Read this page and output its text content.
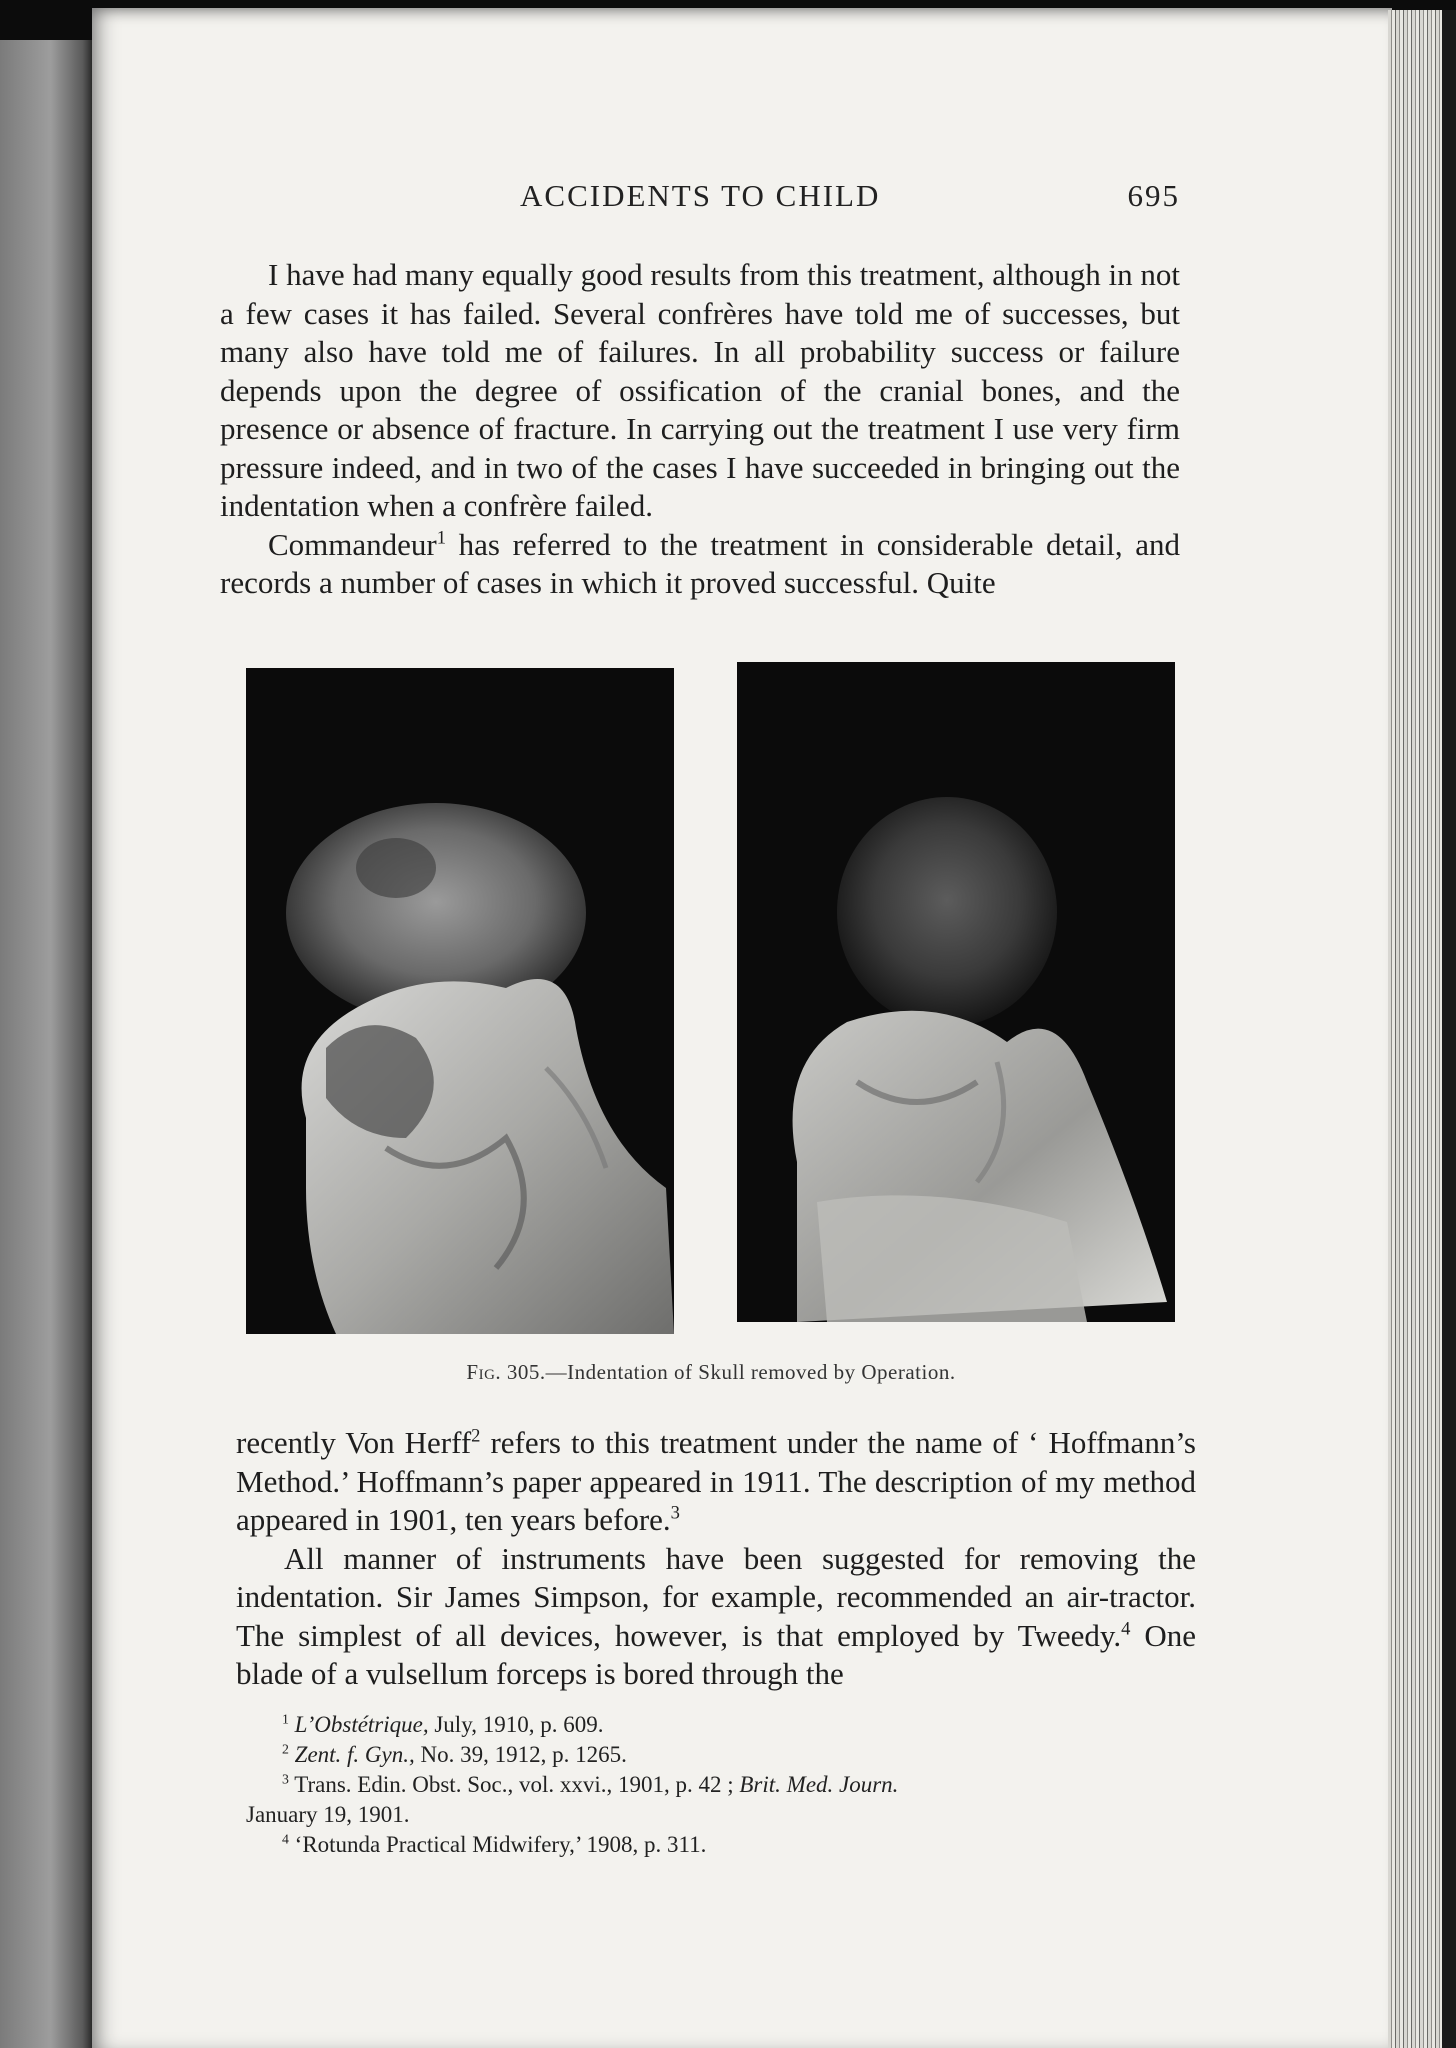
ACCIDENTS TO CHILD	695

I have had many equally good results from this treatment, although in not a few cases it has failed. Several confrères have told me of successes, but many also have told me of failures. In all probability success or failure depends upon the degree of ossification of the cranial bones, and the presence or absence of fracture. In carrying out the treatment I use very firm pressure indeed, and in two of the cases I have succeeded in bringing out the indentation when a confrère failed.

Commandeur$^1$ has referred to the treatment in considerable detail, and records a number of cases in which it proved successful. Quite

Fig. 305.—Indentation of Skull removed by Operation.

recently Von Herff$^2$ refers to this treatment under the name of ‘ Hoffmann’s Method.’ Hoffmann’s paper appeared in 1911. The description of my method appeared in 1901, ten years before.$^3$

All manner of instruments have been suggested for removing the indentation. Sir James Simpson, for example, recommended an air-tractor. The simplest of all devices, however, is that employed by Tweedy.$^4$ One blade of a vulsellum forceps is bored through the

$^1$ L’Obstétrique, July, 1910, p. 609.
$^2$ Zent. f. Gyn., No. 39, 1912, p. 1265.
$^3$ Trans. Edin. Obst. Soc., vol. xxvi., 1901, p. 42 ; Brit. Med. Journ.
January 19, 1901.
$^4$ ‘Rotunda Practical Midwifery,’ 1908, p. 311.
